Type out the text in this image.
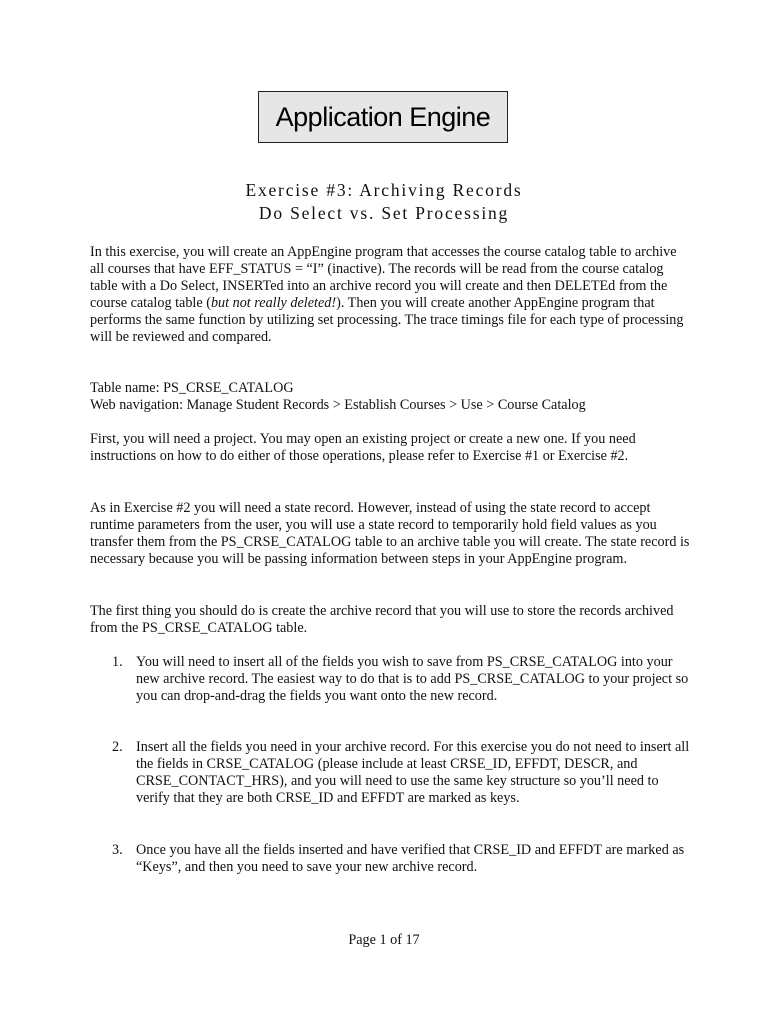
Application Engine
Exercise #3: Archiving Records
Do Select vs. Set Processing

In this exercise, you will create an AppEngine program that accesses the course catalog table to archive all courses that have EFF_STATUS = “I” (inactive). The records will be read from the course catalog table with a Do Select, INSERTed into an archive record you will create and then DELETEd from the course catalog table (but not really deleted!). Then you will create another AppEngine program that performs the same function by utilizing set processing. The trace timings file for each type of processing will be reviewed and compared.

Table name: PS_CRSE_CATALOG

Web navigation: Manage Student Records > Establish Courses > Use > Course Catalog

First, you will need a project. You may open an existing project or create a new one. If you need instructions on how to do either of those operations, please refer to Exercise #1 or Exercise #2.

As in Exercise #2 you will need a state record. However, instead of using the state record to accept runtime parameters from the user, you will use a state record to temporarily hold field values as you transfer them from the PS_CRSE_CATALOG table to an archive table you will create. The state record is necessary because you will be passing information between steps in your AppEngine program.

The first thing you should do is create the archive record that you will use to store the records archived from the PS_CRSE_CATALOG table.

1. You will need to insert all of the fields you wish to save from PS_CRSE_CATALOG into your new archive record. The easiest way to do that is to add PS_CRSE_CATALOG to your project so you can drop-and-drag the fields you want onto the new record.
2. Insert all the fields you need in your archive record. For this exercise you do not need to insert all the fields in CRSE_CATALOG (please include at least CRSE_ID, EFFDT, DESCR, and CRSE_CONTACT_HRS), and you will need to use the same key structure so you’ll need to verify that they are both CRSE_ID and EFFDT are marked as keys.
3. Once you have all the fields inserted and have verified that CRSE_ID and EFFDT are marked as “Keys”, and then you need to save your new archive record.
Page 1 of 17
